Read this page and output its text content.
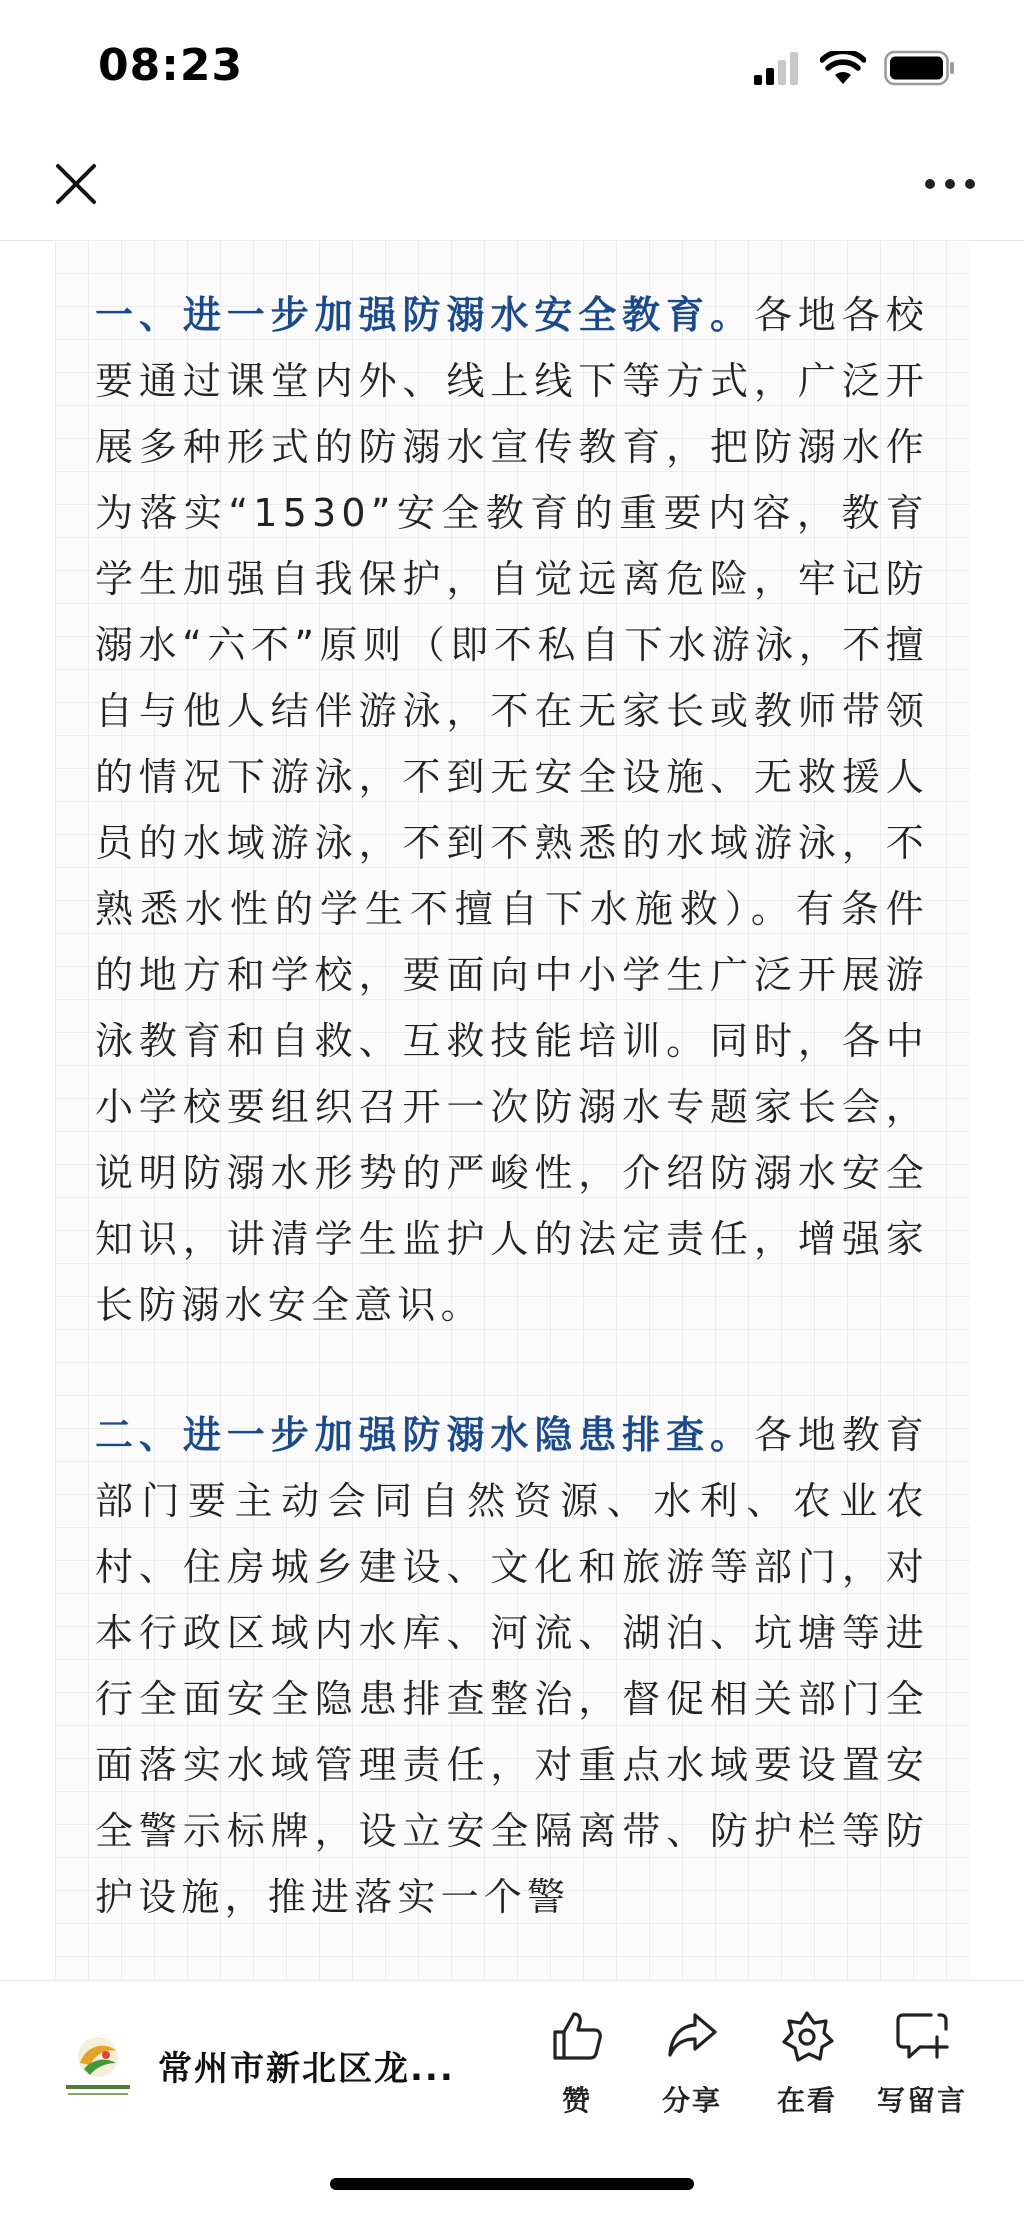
08:23

一、进一步加强防溺水安全教育。各地各校要通过课堂内外、线上线下等方式，广泛开展多种形式的防溺水宣传教育，把防溺水作为落实“1530”安全教育的重要内容，教育学生加强自我保护，自觉远离危险，牢记防溺水“六不”原则（即不私自下水游泳，不擅自与他人结伴游泳，不在无家长或教师带领的情况下游泳，不到无安全设施、无救援人员的水域游泳，不到不熟悉的水域游泳，不熟悉水性的学生不擅自下水施救）。有条件的地方和学校，要面向中小学生广泛开展游泳教育和自救、互救技能培训。同时，各中小学校要组织召开一次防溺水专题家长会，说明防溺水形势的严峻性，介绍防溺水安全知识，讲清学生监护人的法定责任，增强家长防溺水安全意识。

二、进一步加强防溺水隐患排查。各地教育部门要主动会同自然资源、水利、农业农村、住房城乡建设、文化和旅游等部门，对本行政区域内水库、河流、湖泊、坑塘等进行全面安全隐患排查整治，督促相关部门全面落实水域管理责任，对重点水域要设置安全警示标牌，设立安全隔离带、防护栏等防护设施，推进落实一个警

常州市新北区龙...
赞	分享	在看	写留言
